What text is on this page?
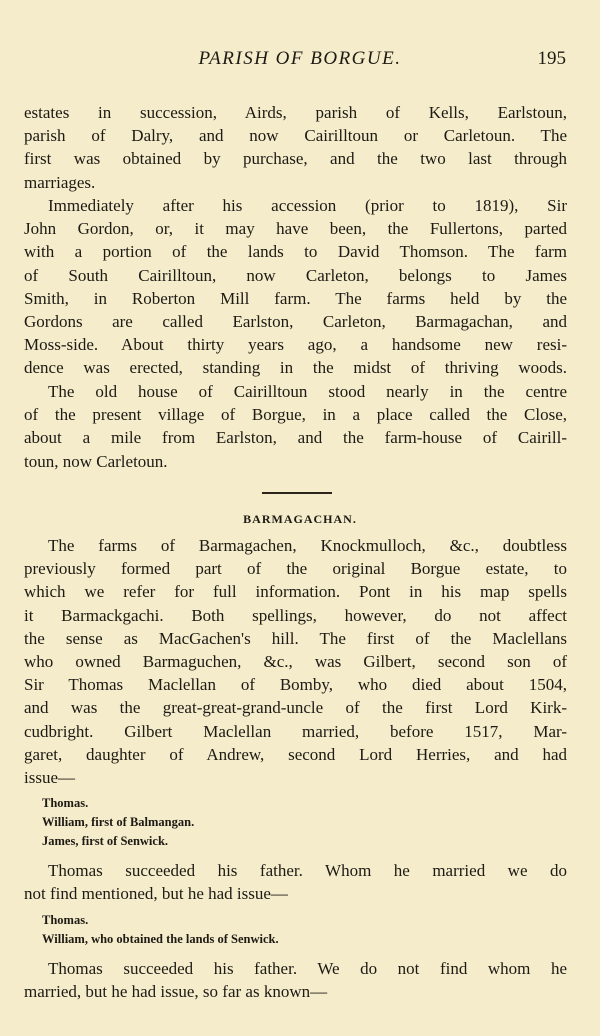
PARISH OF BORGUE.	195
estates in succession, Airds, parish of Kells, Earlstoun,
parish of Dalry, and now Cairilltoun or Carletoun. The
first was obtained by purchase, and the two last through
marriages.
Immediately after his accession (prior to 1819), Sir
John Gordon, or, it may have been, the Fullertons, parted
with a portion of the lands to David Thomson. The farm
of South Cairilltoun, now Carleton, belongs to James
Smith, in Roberton Mill farm. The farms held by the
Gordons are called Earlston, Carleton, Barmagachan, and
Moss-side. About thirty years ago, a handsome new resi-
dence was erected, standing in the midst of thriving woods.
The old house of Cairilltoun stood nearly in the centre
of the present village of Borgue, in a place called the Close,
about a mile from Earlston, and the farm-house of Cairill-
toun, now Carletoun.
BARMAGACHAN.
The farms of Barmagachen, Knockmulloch, &c., doubtless
previously formed part of the original Borgue estate, to
which we refer for full information. Pont in his map spells
it Barmackgachi. Both spellings, however, do not affect
the sense as MacGachen's hill. The first of the Maclellans
who owned Barmaguchen, &c., was Gilbert, second son of
Sir Thomas Maclellan of Bomby, who died about 1504,
and was the great-great-grand-uncle of the first Lord Kirk-
cudbright. Gilbert Maclellan married, before 1517, Mar-
garet, daughter of Andrew, second Lord Herries, and had
issue—
Thomas.
William, first of Balmangan.
James, first of Senwick.
Thomas succeeded his father. Whom he married we do
not find mentioned, but he had issue—
Thomas.
William, who obtained the lands of Senwick.
Thomas succeeded his father. We do not find whom he
married, but he had issue, so far as known—
